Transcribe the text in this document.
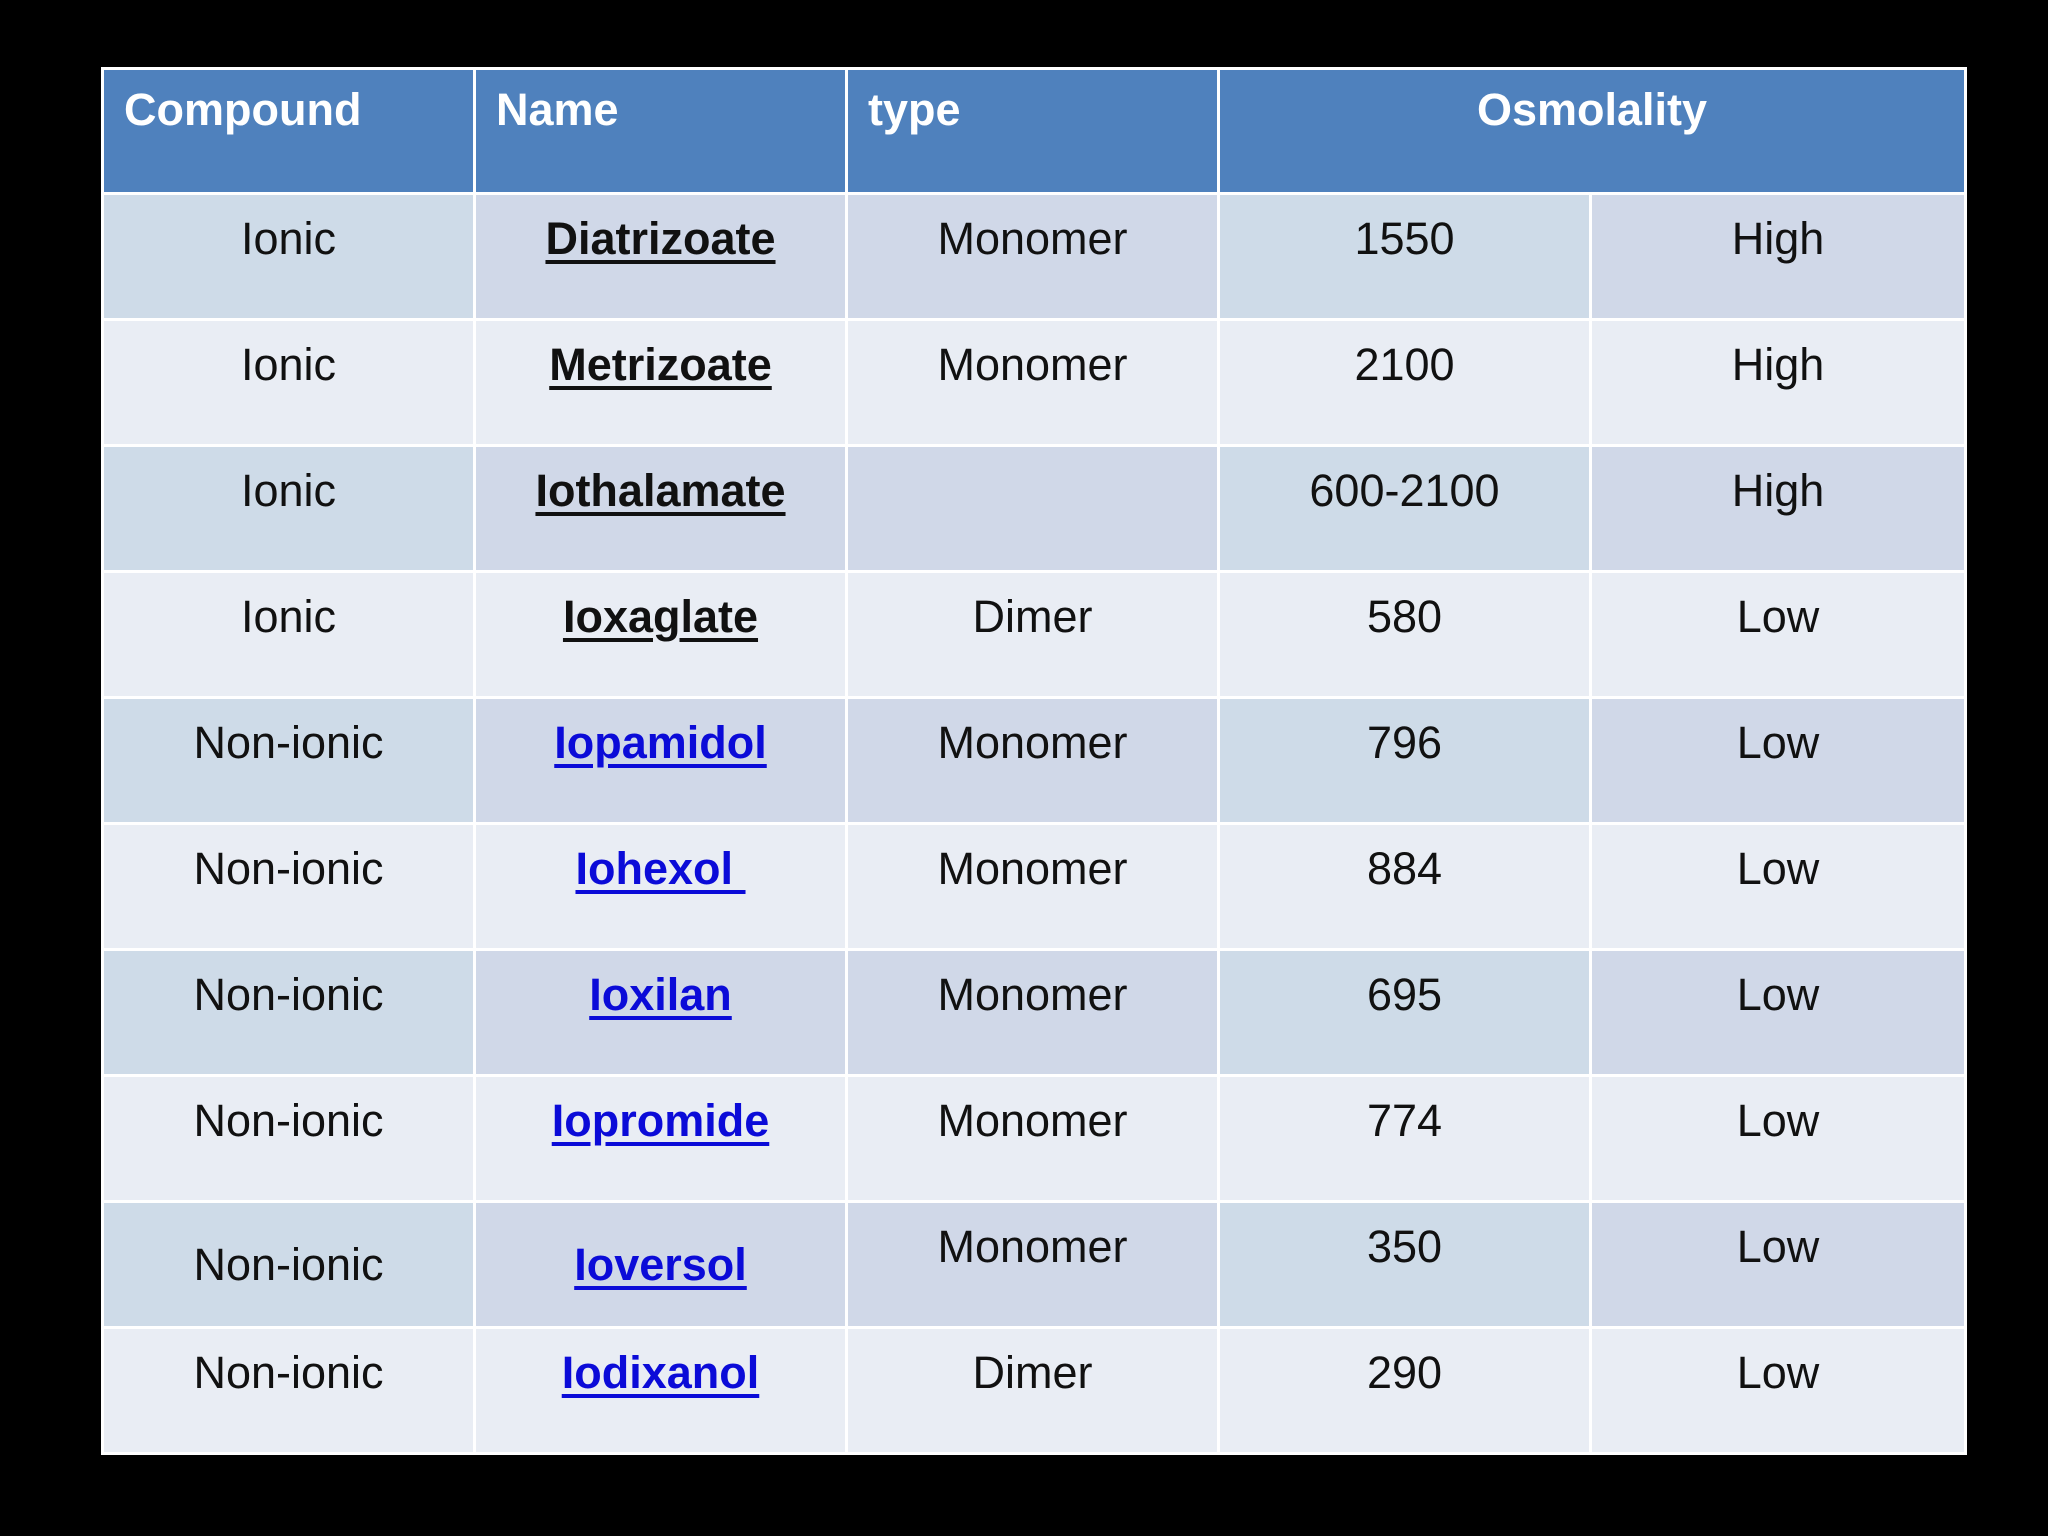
Compound	Name	type	Osmolality	
Ionic	Diatrizoate	Monomer	1550	High
Ionic	Metrizoate	Monomer	2100	High
Ionic	Iothalamate		600-2100	High
Ionic	Ioxaglate	Dimer	580	Low
Non-ionic	Iopamidol	Monomer	796	Low
Non-ionic	Iohexol	Monomer	884	Low
Non-ionic	Ioxilan	Monomer	695	Low
Non-ionic	Iopromide	Monomer	774	Low
Non-ionic	Ioversol	Monomer	350	Low
Non-ionic	Iodixanol	Dimer	290	Low
